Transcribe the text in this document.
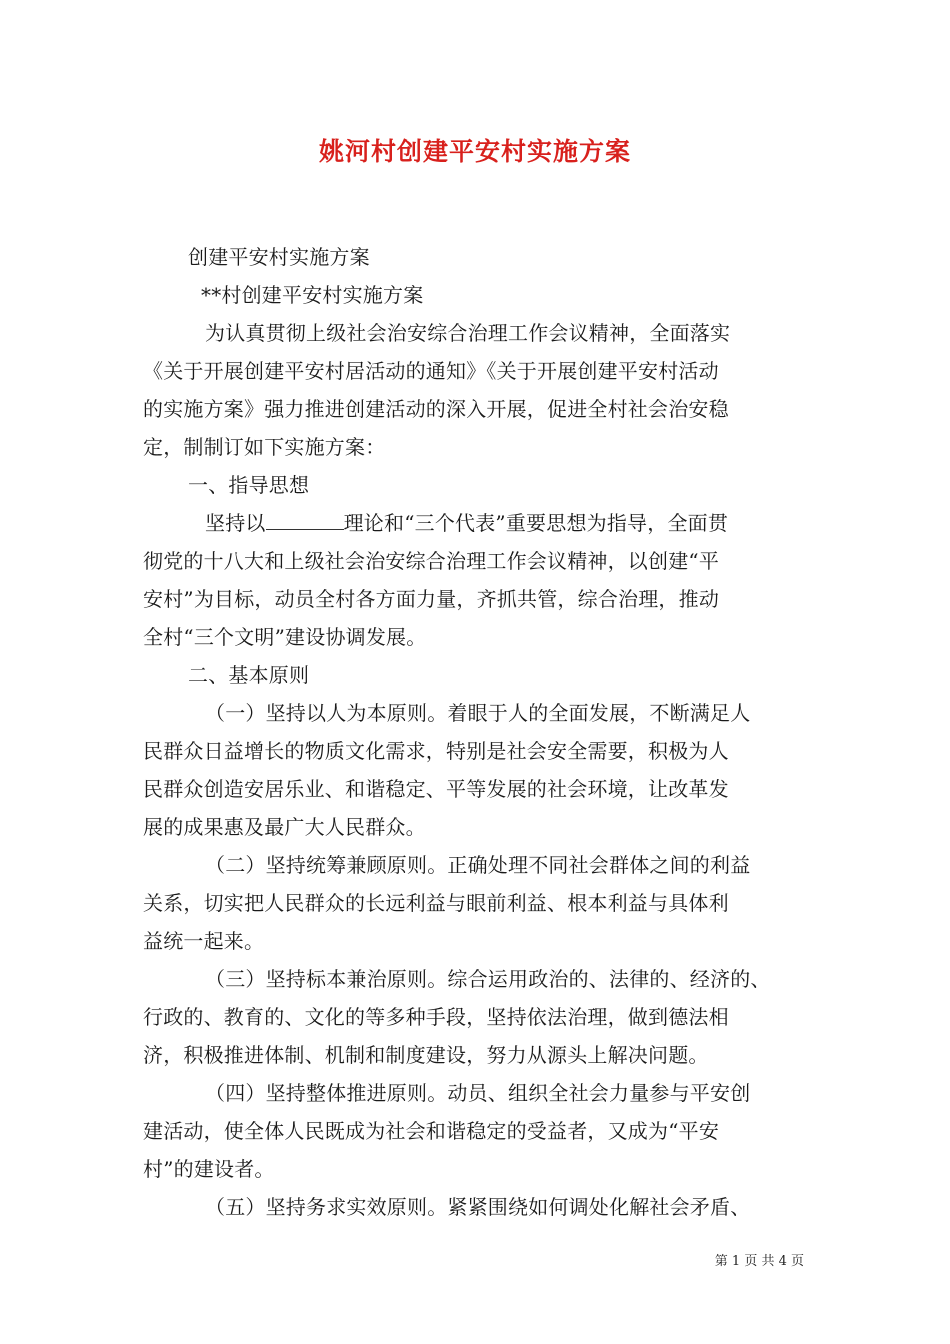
姚河村创建平安村实施方案
创建平安村实施方案
**村创建平安村实施方案
为认真贯彻上级社会治安综合治理工作会议精神，全面落实
《关于开展创建平安村居活动的通知》《关于开展创建平安村活动
的实施方案》强力推进创建活动的深入开展，促进全村社会治安稳
定，制制订如下实施方案：
一、指导思想
坚持以	理论和“三个代表”重要思想为指导，全面贯
彻党的十八大和上级社会治安综合治理工作会议精神，以创建“平
安村”为目标，动员全村各方面力量，齐抓共管，综合治理，推动
全村“三个文明”建设协调发展。
二、基本原则
（一）坚持以人为本原则。着眼于人的全面发展，不断满足人
民群众日益增长的物质文化需求，特别是社会安全需要，积极为人
民群众创造安居乐业、和谐稳定、平等发展的社会环境，让改革发
展的成果惠及最广大人民群众。
（二）坚持统筹兼顾原则。正确处理不同社会群体之间的利益
关系，切实把人民群众的长远利益与眼前利益、根本利益与具体利
益统一起来。
（三）坚持标本兼治原则。综合运用政治的、法律的、经济的、
行政的、教育的、文化的等多种手段，坚持依法治理，做到德法相
济，积极推进体制、机制和制度建设，努力从源头上解决问题。
（四）坚持整体推进原则。动员、组织全社会力量参与平安创
建活动，使全体人民既成为社会和谐稳定的受益者，又成为“平安
村”的建设者。
（五）坚持务求实效原则。紧紧围绕如何调处化解社会矛盾、
第 1 页 共 4 页
